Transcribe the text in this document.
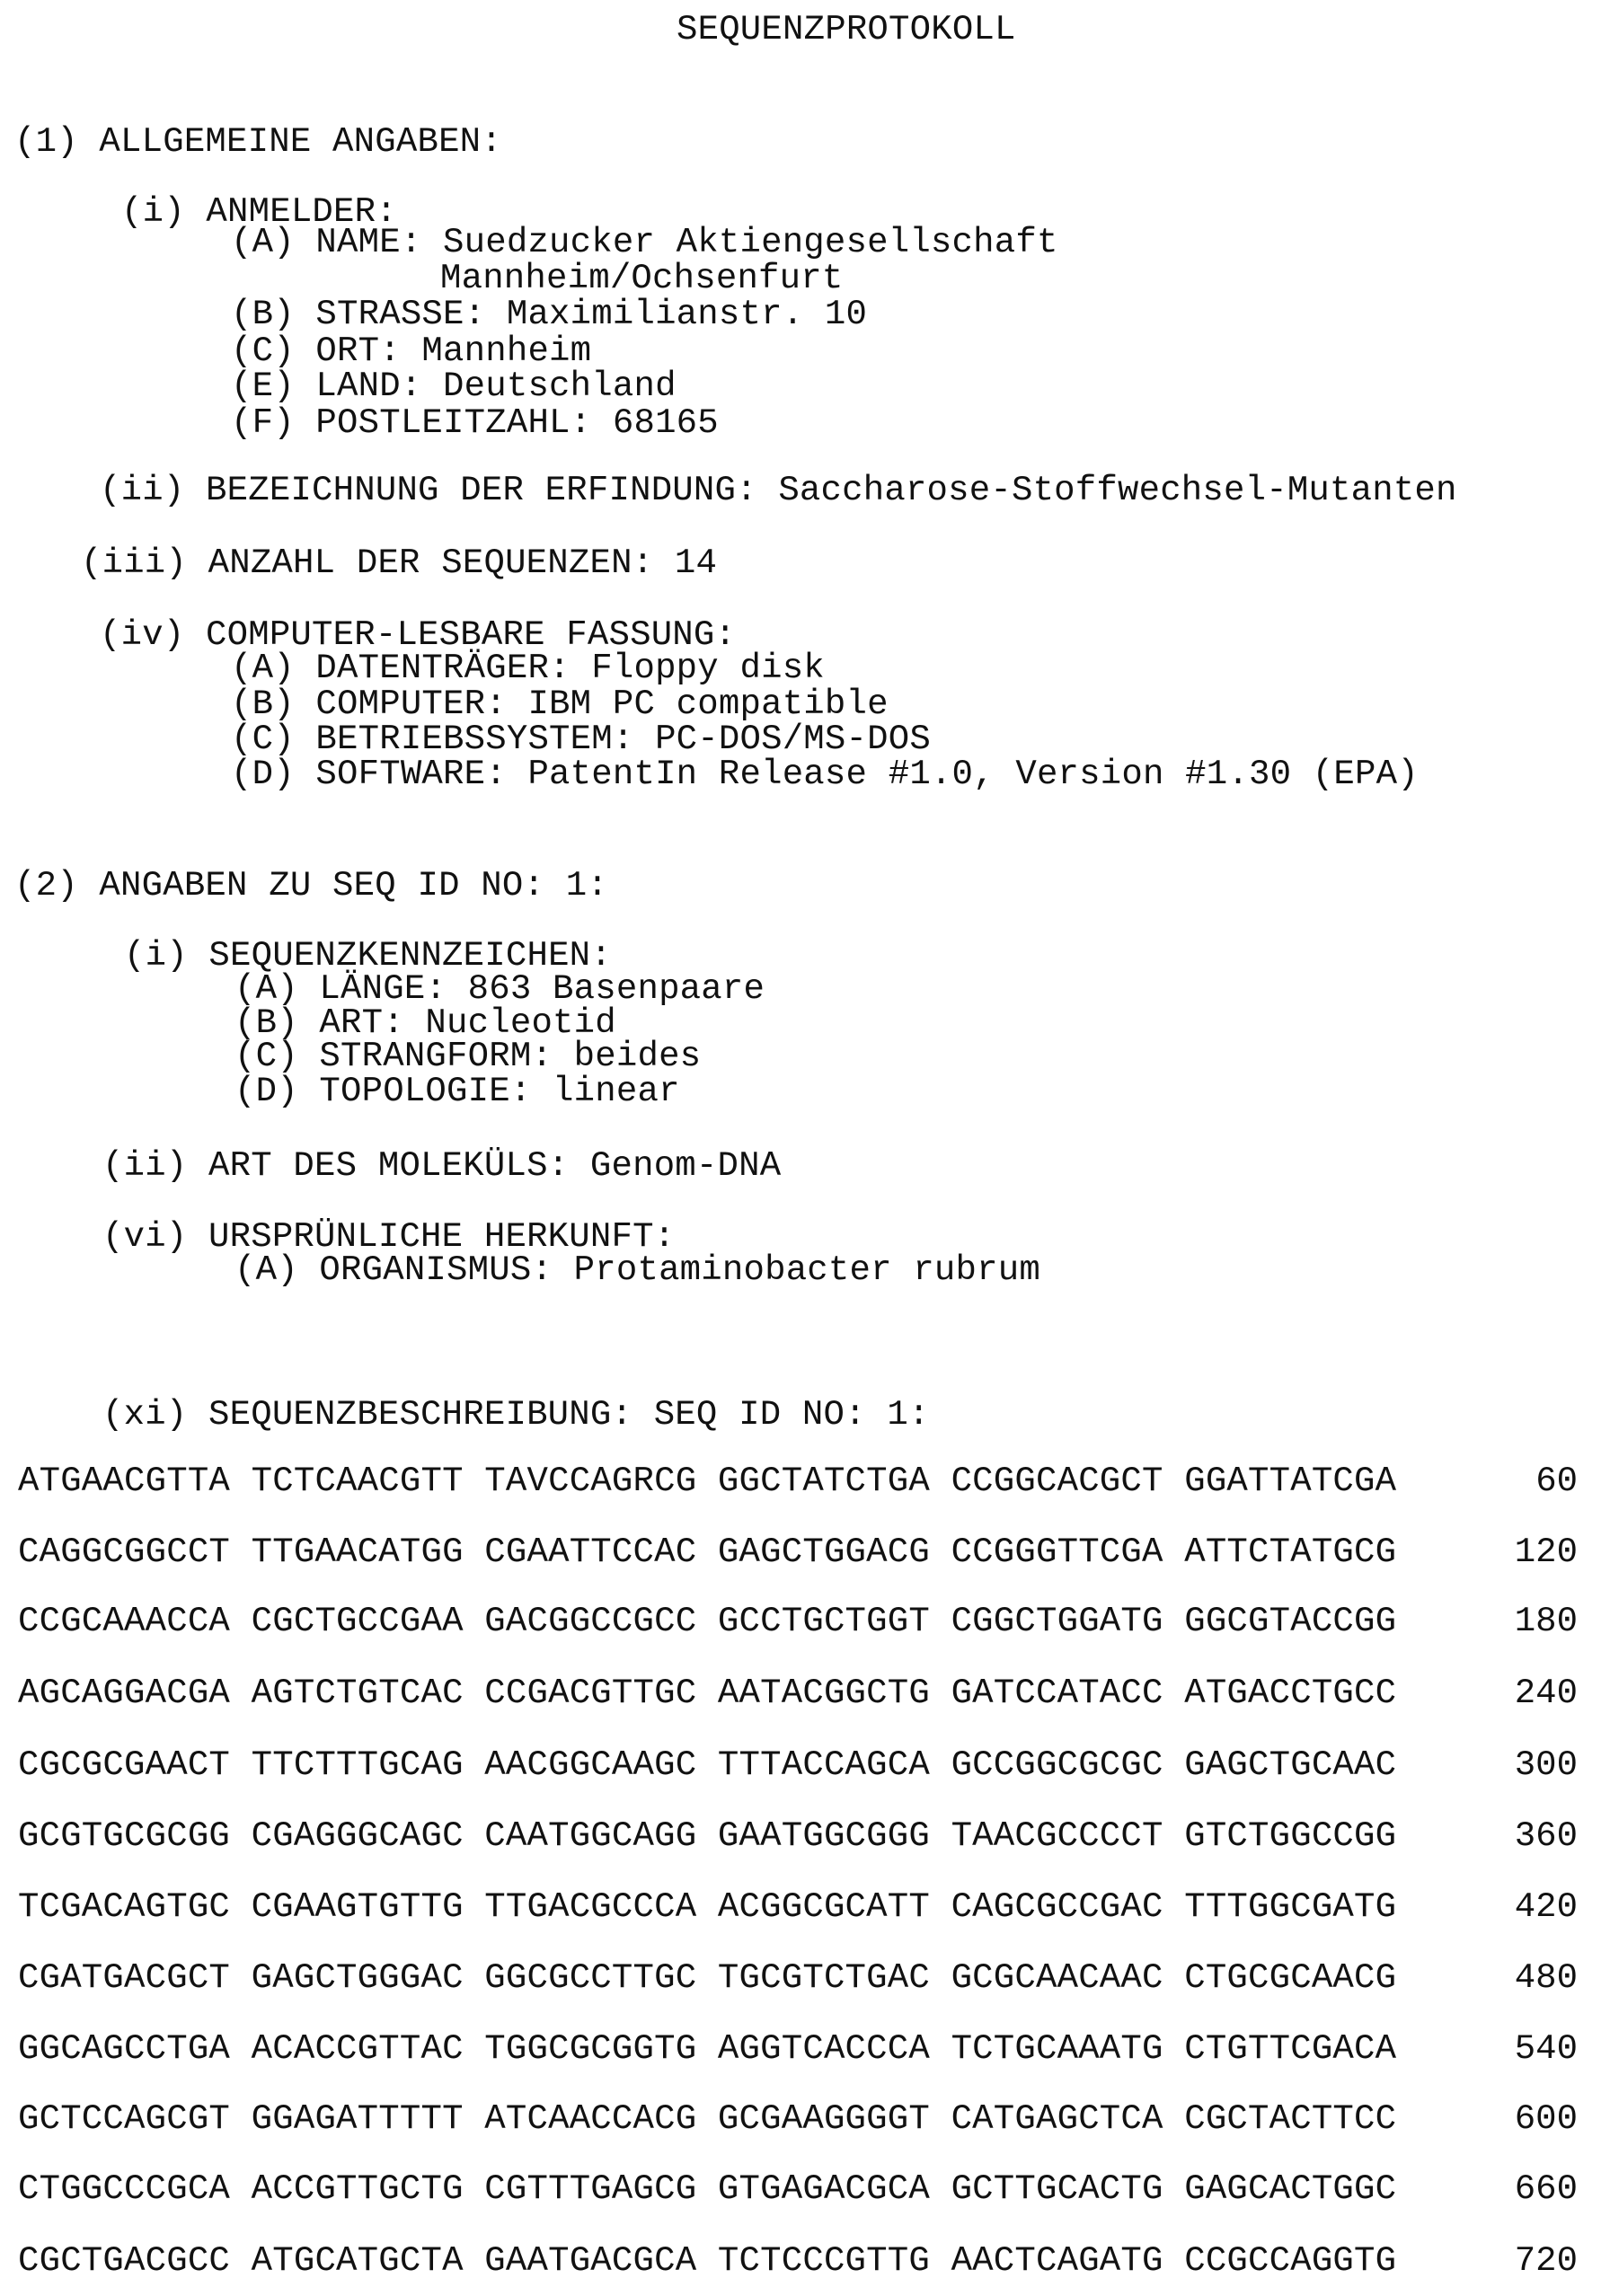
SEQUENZPROTOKOLL
(1) ALLGEMEINE ANGABEN:
(i) ANMELDER:
(A) NAME: Suedzucker Aktiengesellschaft
Mannheim/Ochsenfurt
(B) STRASSE: Maximilianstr. 10
(C) ORT: Mannheim
(E) LAND: Deutschland
(F) POSTLEITZAHL: 68165
(ii) BEZEICHNUNG DER ERFINDUNG: Saccharose-Stoffwechsel-Mutanten
(iii) ANZAHL DER SEQUENZEN: 14
(iv) COMPUTER-LESBARE FASSUNG:
(A) DATENTRÄGER: Floppy disk
(B) COMPUTER: IBM PC compatible
(C) BETRIEBSSYSTEM: PC-DOS/MS-DOS
(D) SOFTWARE: PatentIn Release #1.0, Version #1.30 (EPA)
(2) ANGABEN ZU SEQ ID NO: 1:
(i) SEQUENZKENNZEICHEN:
(A) LÄNGE: 863 Basenpaare
(B) ART: Nucleotid
(C) STRANGFORM: beides
(D) TOPOLOGIE: linear
(ii) ART DES MOLEKÜLS: Genom-DNA
(vi) URSPRÜNLICHE HERKUNFT:
(A) ORGANISMUS: Protaminobacter rubrum
(xi) SEQUENZBESCHREIBUNG: SEQ ID NO: 1:
ATGAACGTTA TCTCAACGTT TAVCCAGRCG GGCTATCTGA CCGGCACGCT GGATTATCGA	60
CAGGCGGCCT TTGAACATGG CGAATTCCAC GAGCTGGACG CCGGGTTCGA ATTCTATGCG	120
CCGCAAACCA CGCTGCCGAA GACGGCCGCC GCCTGCTGGT CGGCTGGATG GGCGTACCGG	180
AGCAGGACGA AGTCTGTCAC CCGACGTTGC AATACGGCTG GATCCATACC ATGACCTGCC	240
CGCGCGAACT TTCTTTGCAG AACGGCAAGC TTTACCAGCA GCCGGCGCGC GAGCTGCAAC	300
GCGTGCGCGG CGAGGGCAGC CAATGGCAGG GAATGGCGGG TAACGCCCCT GTCTGGCCGG	360
TCGACAGTGC CGAAGTGTTG TTGACGCCCA ACGGCGCATT CAGCGCCGAC TTTGGCGATG	420
CGATGACGCT GAGCTGGGAC GGCGCCTTGC TGCGTCTGAC GCGCAACAAC CTGCGCAACG	480
GGCAGCCTGA ACACCGTTAC TGGCGCGGTG AGGTCACCCA TCTGCAAATG CTGTTCGACA	540
GCTCCAGCGT GGAGATTTTT ATCAACCACG GCGAAGGGGT CATGAGCTCA CGCTACTTCC	600
CTGGCCCGCA ACCGTTGCTG CGTTTGAGCG GTGAGACGCA GCTTGCACTG GAGCACTGGC	660
CGCTGACGCC ATGCATGCTA GAATGACGCA TCTCCCGTTG AACTCAGATG CCGCCAGGTG	720
